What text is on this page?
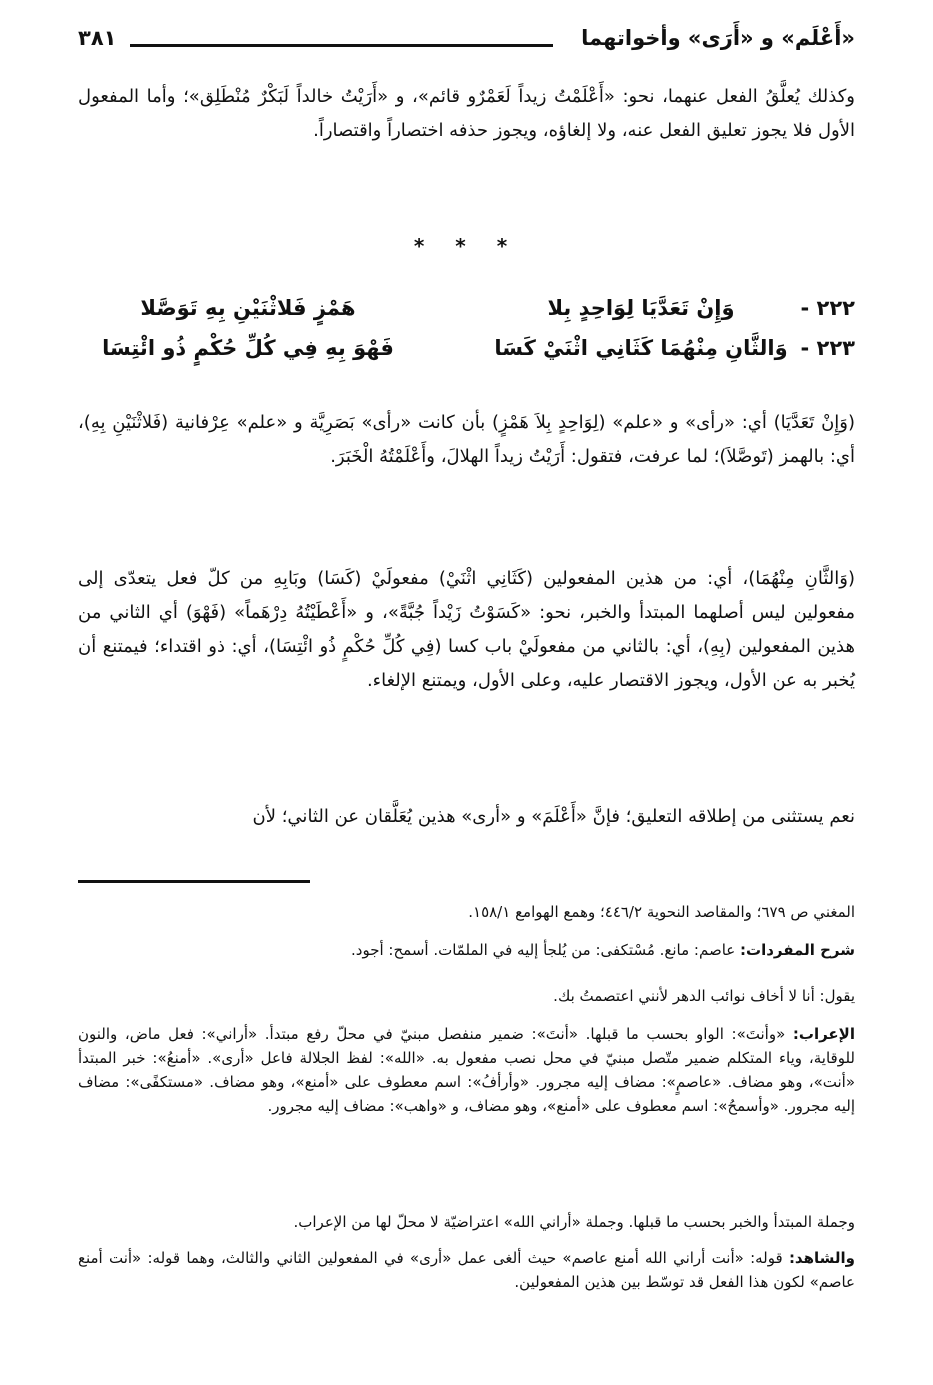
«أَعْلَم» و «أَرَى» وأخواتهما
٣٨١
وكذلك يُعلَّقُ الفعل عنهما، نحو: «أَعْلَمْتُ زيداً لَعَمْرٌو قائم»، و «أَرَيْتُ خالداً لَبَكْرٌ مُنْطَلِق»؛ وأما المفعول الأول فلا يجوز تعليق الفعل عنه، ولا إلغاؤه، ويجوز حذفه اختصاراً واقتصاراً.
* * *
٢٢٢ -
وَإِنْ تَعَدَّيَا لِوَاحِدٍ بِلا
هَمْزٍ فَلاثْنَيْنِ بِهِ تَوَصَّلا
٢٢٣ -
وَالثَّانِ مِنْهُمَا كَثَانِي اثْنَيْ كَسَا
فَهْوَ بِهِ فِي كُلِّ حُكْمٍ ذُو ائْتِسَا
(وَإِنْ تَعَدَّيَا) أي: «رأى» و «علم» (لِوَاحِدٍ بِلاَ هَمْزٍ) بأن كانت «رأى» بَصَرِيَّة و «علم» عِرْفانية (فَلاثْنَيْنِ بِهِ)، أي: بالهمز (تَوصَّلاَ)؛ لما عرفت، فتقول: أَرَيْتُ زيداً الهلالَ، وأَعْلَمْتُهُ الْخَبَرَ.
(وَالثَّانِ مِنْهُمَا)، أي: من هذين المفعولين (كَثَانِي اثْنَيْ) مفعولَيْ (كَسَا) وبَابِهِ من كلّ فعل يتعدّى إلى مفعولين ليس أصلهما المبتدأ والخبر، نحو: «كَسَوْتُ زَيْداً جُبَّةً»، و «أَعْطَيْتُهُ دِرْهَماً» (فَهْوَ) أي الثاني من هذين المفعولين (بِهِ)، أي: بالثاني من مفعولَيْ باب كسا (فِي كُلِّ حُكْمٍ ذُو ائْتِسَا)، أي: ذو اقتداء؛ فيمتنع أن يُخبر به عن الأول، ويجوز الاقتصار عليه، وعلى الأول، ويمتنع الإلغاء.
نعم يستثنى من إطلاقه التعليق؛ فإنَّ «أَعْلَمَ» و «أرى» هذين يُعَلَّقان عن الثاني؛ لأن
المغني ص ٦٧٩؛ والمقاصد النحوية ٤٤٦/٢؛ وهمع الهوامع ١٥٨/١.
شرح المفردات: عاصم: مانع. مُسْتكفى: من يُلجأ إليه في الملمّات. أسمح: أجود.
يقول: أنا لا أخاف نوائب الدهر لأنني اعتصمتُ بك.
الإعراب: «وأنتَ»: الواو بحسب ما قبلها. «أنتَ»: ضمير منفصل مبنيّ في محلّ رفع مبتدأ. «أراني»: فعل ماض، والنون للوقاية، وياء المتكلم ضمير متّصل مبنيّ في محل نصب مفعول به. «الله»: لفظ الجلالة فاعل «أرى». «أمنعُ»: خبر المبتدأ «أنت»، وهو مضاف. «عاصمٍ»: مضاف إليه مجرور. «وأرأفُ»: اسم معطوف على «أمنع»، وهو مضاف. «مستكفًى»: مضاف إليه مجرور. «وأسمحُ»: اسم معطوف على «أمنع»، وهو مضاف، و «واهب»: مضاف إليه مجرور.
وجملة المبتدأ والخبر بحسب ما قبلها. وجملة «أراني الله» اعتراضيّة لا محلّ لها من الإعراب.
والشاهد: قوله: «أنت أراني الله أمنع عاصم» حيث ألغى عمل «أرى» في المفعولين الثاني والثالث، وهما قوله: «أنت أمنع عاصم» لكون هذا الفعل قد توسّط بين هذين المفعولين.
